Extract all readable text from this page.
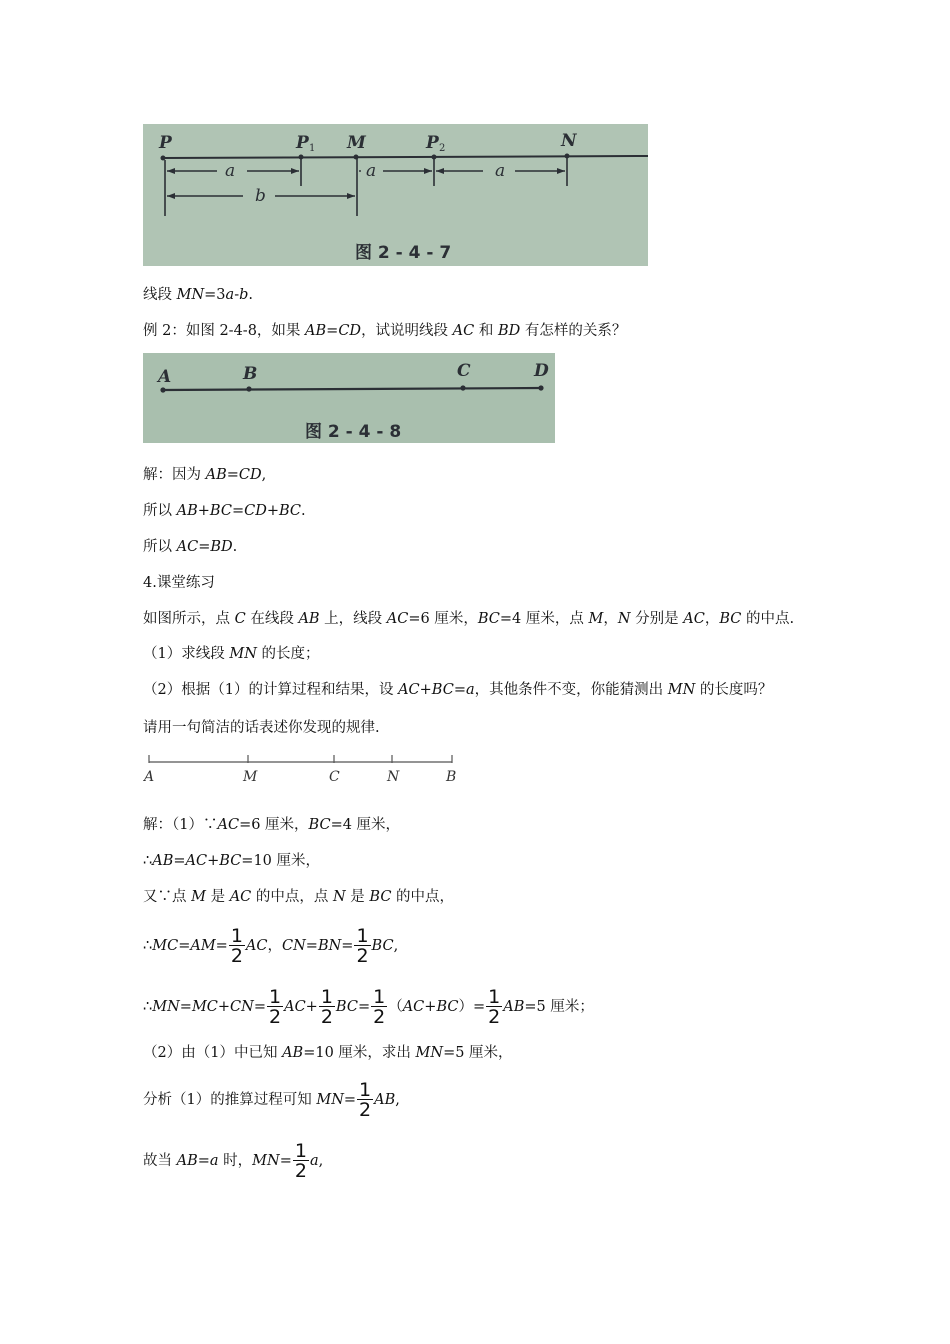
P	P 1 M	P 2	N
a	a	a
b
图 2 - 4 - 7
线段 MN=3a-b.
例 2：如图 2-4-8，如果 AB=CD，试说明线段 AC 和 BD 有怎样的关系？
A	B	C	D
图 2 - 4 - 8
解：因为 AB=CD,
所以 AB+BC=CD+BC.
所以 AC=BD.
4.课堂练习
如图所示，点 C 在线段 AB 上，线段 AC=6 厘米，BC=4 厘米，点 M，N 分别是 AC，BC 的中点.
（1）求线段 MN 的长度；
（2）根据（1）的计算过程和结果，设 AC+BC=a，其他条件不变，你能猜测出 MN 的长度吗？
请用一句简洁的话表述你发现的规律.
A	M	C	N	B
解：（1）∵AC=6 厘米，BC=4 厘米，
∴AB=AC+BC=10 厘米，
又∵点 M 是 AC 的中点，点 N 是 BC 的中点，
∴MC=AM= $\frac{1}{2}$ AC，$CN=BN= \frac{1}{2}$ BC,
∴MN=MC+CN= $\frac{1}{2} AC+ \frac{1}{2} BC= \frac{1}{2} (AC+BC)= \frac{1}{2} AB=5$ 厘米；
（2）由（1）中已知 AB=10 厘米，求出 MN=5 厘米，
分析（1）的推算过程可知 $MN= \frac{1}{2}$ AB,
故当 AB=a 时，$MN= \frac{1}{2} a$,
